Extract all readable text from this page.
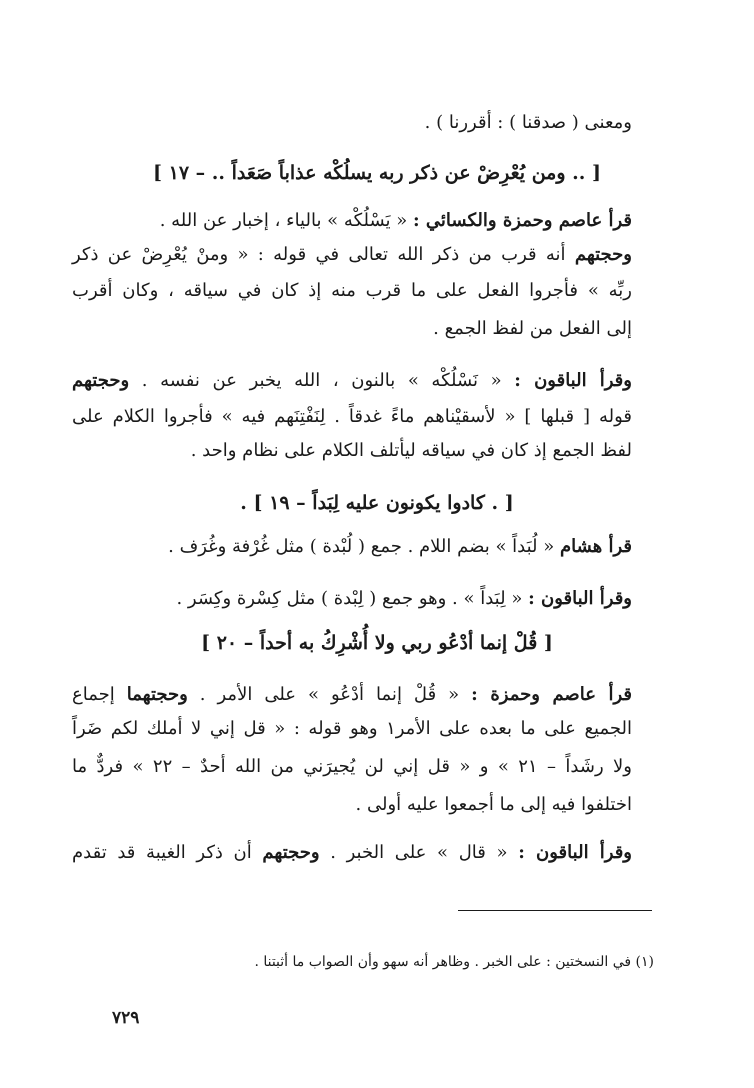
ومعنى ( صدقنا ) : أقررنا ) .
[ .. ومن يُعْرِضْ عن ذكر ربه يسلُكْه عذاباً صَعَداً .. – ١٧ ]
قرأ عاصم وحمزة والكسائي : « يَسْلُكْه » بالياء ، إخبار عن الله .
وحجتهم أنه قرب من ذكر الله تعالى في قوله : « ومنْ يُعْرِضْ عن ذكر
ربِّه » فأجروا الفعل على ما قرب منه إذ كان في سياقه ، وكان أقرب
إلى الفعل من لفظ الجمع .
وقرأ الباقون : « نَسْلُكْه » بالنون ، الله يخبر عن نفسه . وحجتهم
قوله [ قبلها ] « لأسقيْناهم ماءً غدقاً . لِنَفْتِنَهم فيه » فأجروا الكلام على
لفظ الجمع إذ كان في سياقه ليأتلف الكلام على نظام واحد .
[ . كادوا يكونون عليه لِبَداً – ١٩ ] .
قرأ هشام « لُبَداً » بضم اللام . جمع ( لُبْدة ) مثل غُرْفة وغُرَف .
وقرأ الباقون : « لِبَداً » . وهو جمع ( لِبْدة ) مثل كِسْرة وكِسَر .
[ قُلْ إنما أدْعُو ربي ولا أُشْرِكُ به أحداً – ٢٠ ]
قرأ عاصم وحمزة : « قُلْ إنما أدْعُو » على الأمر . وحجتهما إجماع
الجميع على ما بعده على الأمر١ وهو قوله : « قل إني لا أملك لكم ضَراً
ولا رشَداً – ٢١ » و « قل إني لن يُجيرَني من الله أحدٌ – ٢٢ » فردٌّ ما
اختلفوا فيه إلى ما أجمعوا عليه أولى .
وقرأ الباقون : « قال » على الخبر . وحجتهم أن ذكر الغيبة قد تقدم
(١) في النسختين : على الخبر . وظاهر أنه سهو وأن الصواب ما أثبتنا .
٧٢٩
